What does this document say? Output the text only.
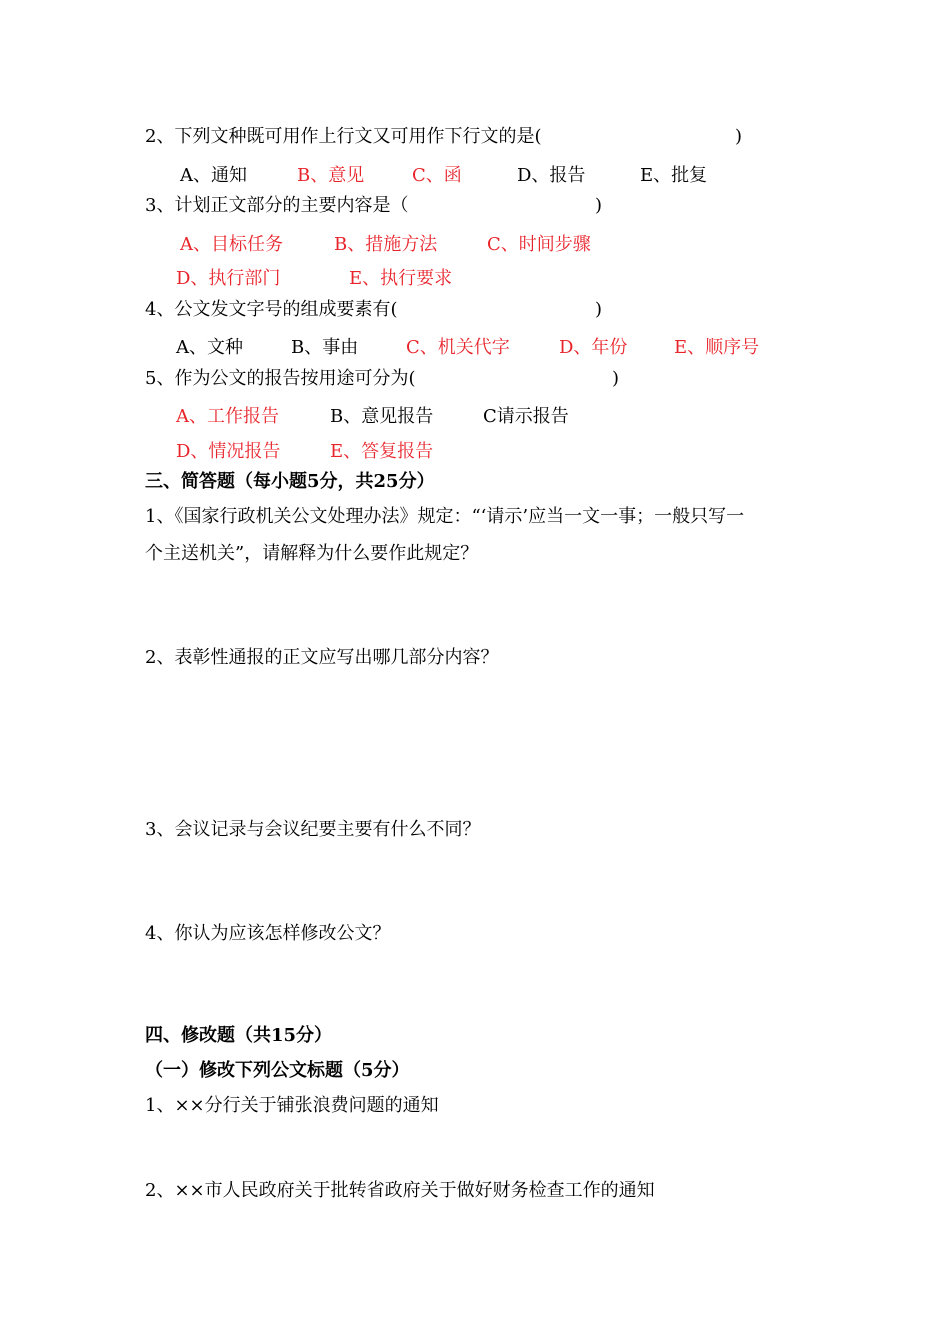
2、下列文种既可用作上行文又可用作下行文的是(	)
A、通知	B、意见	C、函	D、报告	E、批复
3、计划正文部分的主要内容是（	)
A、目标任务	B、措施方法	C、时间步骤
D、执行部门	E、执行要求
4、公文发文字号的组成要素有(	)
A、文种	B、事由	C、机关代字	D、年份	E、顺序号
5、作为公文的报告按用途可分为(	)
A、工作报告	B、意见报告	C请示报告
D、情况报告	E、答复报告
三、简答题（每小题5分，共25分）
1、《国家行政机关公文处理办法》规定：“‘请示’应当一文一事；一般只写一
个主送机关”，请解释为什么要作此规定？
2、表彰性通报的正文应写出哪几部分内容？
3、会议记录与会议纪要主要有什么不同？
4、你认为应该怎样修改公文？
四、修改题（共15分）
（一）修改下列公文标题（5分）
1、××分行关于铺张浪费问题的通知
2、××市人民政府关于批转省政府关于做好财务检查工作的通知
